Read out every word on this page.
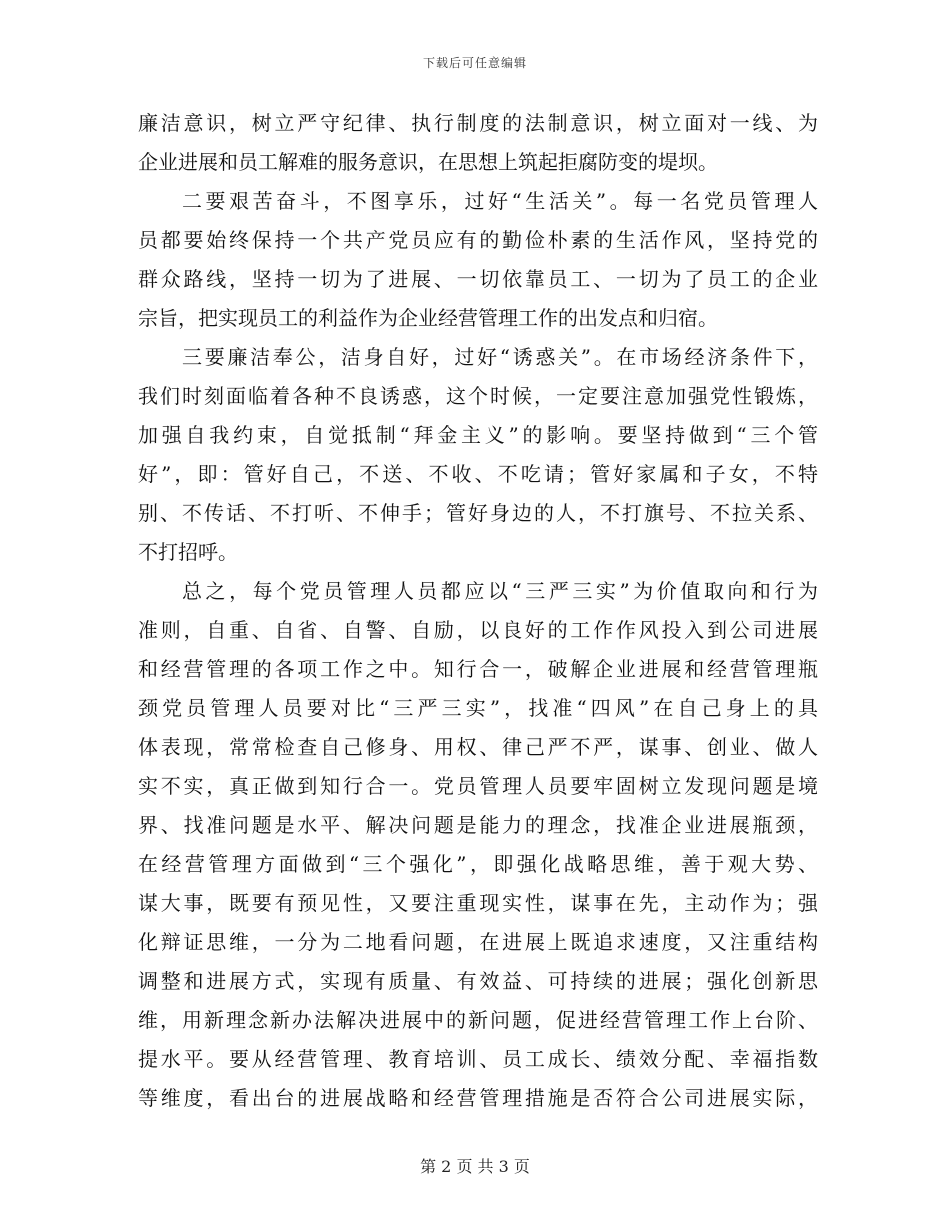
下载后可任意编辑
廉洁意识，树立严守纪律、执行制度的法制意识，树立面对一线、为
企业进展和员工解难的服务意识，在思想上筑起拒腐防变的堤坝。
二要艰苦奋斗，不图享乐，过好“生活关”。每一名党员管理人
员都要始终保持一个共产党员应有的勤俭朴素的生活作风，坚持党的
群众路线，坚持一切为了进展、一切依靠员工、一切为了员工的企业
宗旨，把实现员工的利益作为企业经营管理工作的出发点和归宿。
三要廉洁奉公，洁身自好，过好“诱惑关”。在市场经济条件下，
我们时刻面临着各种不良诱惑，这个时候，一定要注意加强党性锻炼，
加强自我约束，自觉抵制“拜金主义”的影响。要坚持做到“三个管
好”，即：管好自己，不送、不收、不吃请；管好家属和子女，不特
别、不传话、不打听、不伸手；管好身边的人，不打旗号、不拉关系、
不打招呼。
总之，每个党员管理人员都应以“三严三实”为价值取向和行为
准则，自重、自省、自警、自励，以良好的工作作风投入到公司进展
和经营管理的各项工作之中。知行合一，破解企业进展和经营管理瓶
颈党员管理人员要对比“三严三实”，找准“四风”在自己身上的具
体表现，常常检查自己修身、用权、律己严不严，谋事、创业、做人
实不实，真正做到知行合一。党员管理人员要牢固树立发现问题是境
界、找准问题是水平、解决问题是能力的理念，找准企业进展瓶颈，
在经营管理方面做到“三个强化”，即强化战略思维，善于观大势、
谋大事，既要有预见性，又要注重现实性，谋事在先，主动作为；强
化辩证思维，一分为二地看问题，在进展上既追求速度，又注重结构
调整和进展方式，实现有质量、有效益、可持续的进展；强化创新思
维，用新理念新办法解决进展中的新问题，促进经营管理工作上台阶、
提水平。要从经营管理、教育培训、员工成长、绩效分配、幸福指数
等维度，看出台的进展战略和经营管理措施是否符合公司进展实际，
第 2 页 共 3 页
